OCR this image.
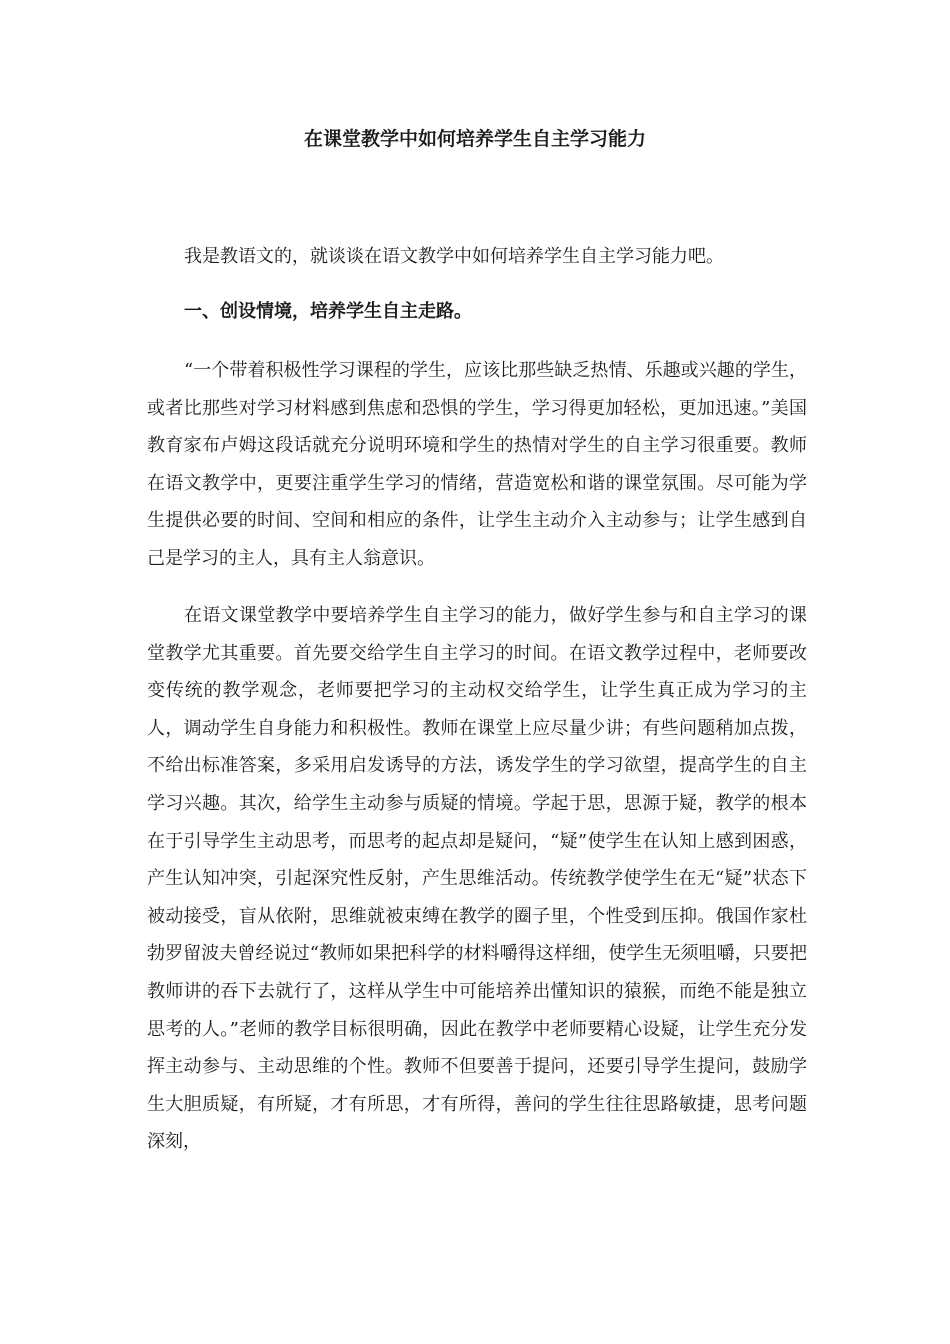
在课堂教学中如何培养学生自主学习能力

我是教语文的，就谈谈在语文教学中如何培养学生自主学习能力吧。

一、创设情境，培养学生自主走路。

“一个带着积极性学习课程的学生，应该比那些缺乏热情、乐趣或兴趣的学生，或者比那些对学习材料感到焦虑和恐惧的学生，学习得更加轻松，更加迅速。”美国教育家布卢姆这段话就充分说明环境和学生的热情对学生的自主学习很重要。教师在语文教学中，更要注重学生学习的情绪，营造宽松和谐的课堂氛围。尽可能为学生提供必要的时间、空间和相应的条件，让学生主动介入主动参与；让学生感到自己是学习的主人，具有主人翁意识。

在语文课堂教学中要培养学生自主学习的能力，做好学生参与和自主学习的课堂教学尤其重要。首先要交给学生自主学习的时间。在语文教学过程中，老师要改变传统的教学观念，老师要把学习的主动权交给学生，让学生真正成为学习的主人，调动学生自身能力和积极性。教师在课堂上应尽量少讲；有些问题稍加点拨，不给出标准答案，多采用启发诱导的方法，诱发学生的学习欲望，提高学生的自主学习兴趣。其次，给学生主动参与质疑的情境。学起于思，思源于疑，教学的根本在于引导学生主动思考，而思考的起点却是疑问，“疑”使学生在认知上感到困惑，产生认知冲突，引起深究性反射，产生思维活动。传统教学使学生在无“疑”状态下被动接受，盲从依附，思维就被束缚在教学的圈子里，个性受到压抑。俄国作家杜勃罗留波夫曾经说过“教师如果把科学的材料嚼得这样细，使学生无须咀嚼，只要把教师讲的吞下去就行了，这样从学生中可能培养出懂知识的猿猴，而绝不能是独立思考的人。”老师的教学目标很明确，因此在教学中老师要精心设疑，让学生充分发挥主动参与、主动思维的个性。教师不但要善于提问，还要引导学生提问，鼓励学生大胆质疑，有所疑，才有所思，才有所得，善问的学生往往思路敏捷，思考问题深刻，
